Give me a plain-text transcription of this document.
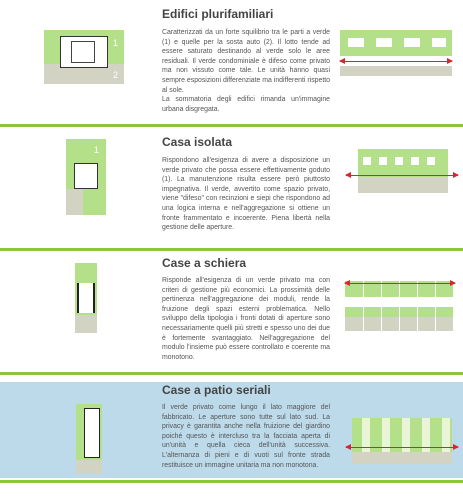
Edifici plurifamiliari
Caratterizzati da un forte squilibrio tra le parti a verde (1) e quelle per la sosta auto (2). Il lotto tende ad essere saturato destinando al verde solo le aree residuali. Il verde condominiale è difeso come privato ma non vissuto come tale. Le unità hanno quasi sempre esposizioni differenziate ma indifferenti rispetto al sole.
La sommatoria degli edifici rimanda un'immagine urbana disgregata.
1
2
Casa isolata
Rispondono all'esigenza di avere a disposizione un verde privato che possa essere effettivamente goduto (1). La manutenzione risulta essere però piuttosto impegnativa. Il verde, avvertito come spazio privato, viene "difeso" con recinzioni e siepi che rispondono ad una logica interna e nell'aggregazione si ottiene un fronte frammentato e incoerente. Piena libertà nella gestione delle aperture.
1
Case a schiera
Risponde all'esigenza di un verde privato ma con criteri di gestione più economici. La prossimità delle pertinenza nell'aggregazione dei moduli, rende la fruizione degli spazi esterni problematica. Nello sviluppo della tipologia i fronti dotati di aperture sono necessariamente quelli più stretti e spesso uno dei due è fortemente svantaggiato. Nell'aggregazione del modulo l'insieme può essere controllato e coerente ma monotono.
Case a patio seriali
Il verde privato come lungo il lato maggiore del fabbricato. Le aperture sono tutte sul lato sud. La privacy è garantita anche nella fruizione del giardino poiché questo è intercluso tra la facciata aperta di un'unità e quella cieca dell'unità successiva. L'alternanza di pieni e di vuoti sul fronte strada restituisce un immagine unitaria ma non monotona.
